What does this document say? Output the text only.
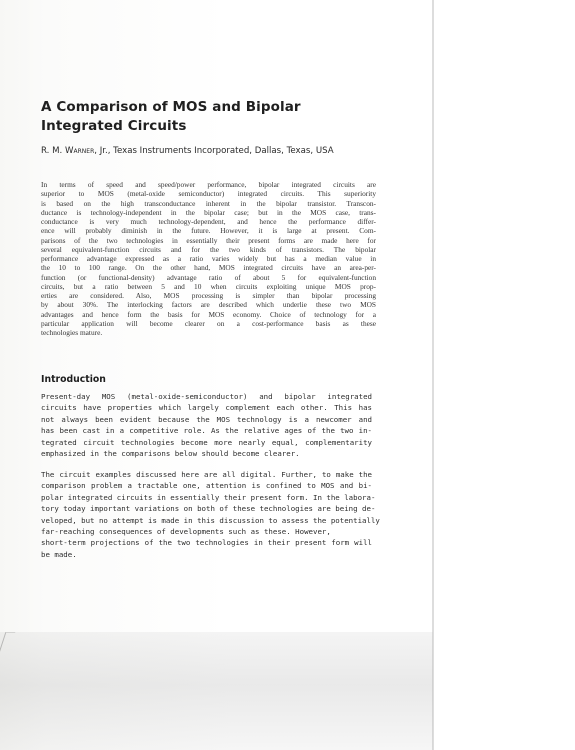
A Comparison of MOS and Bipolar Integrated Circuits
R. M. Warner, Jr., Texas Instruments Incorporated, Dallas, Texas, USA
In terms of speed and speed/power performance, bipolar integrated circuits are
superior to MOS (metal-oxide semiconductor) integrated circuits. This superiority
is based on the high transconductance inherent in the bipolar transistor. Transcon-
ductance is technology-independent in the bipolar case; but in the MOS case, trans-
conductance is very much technology-dependent, and hence the performance differ-
ence will probably diminish in the future. However, it is large at present. Com-
parisons of the two technologies in essentially their present forms are made here for
several equivalent-function circuits and for the two kinds of transistors. The bipolar
performance advantage expressed as a ratio varies widely but has a median value in
the 10 to 100 range. On the other hand, MOS integrated circuits have an area-per-
function (or functional-density) advantage ratio of about 5 for equivalent-function
circuits, but a ratio between 5 and 10 when circuits exploiting unique MOS prop-
erties are considered. Also, MOS processing is simpler than bipolar processing
by about 30%. The interlocking factors are described which underlie these two MOS
advantages and hence form the basis for MOS economy. Choice of technology for a
particular application will become clearer on a cost-performance basis as these
technologies mature.
Introduction
Present-day MOS (metal-oxide-semiconductor) and bipolar integrated
circuits have properties which largely complement each other. This has
not always been evident because the MOS technology is a newcomer and
has been cast in a competitive role. As the relative ages of the two in-
tegrated circuit technologies become more nearly equal, complementarity
emphasized in the comparisons below should become clearer.
The circuit examples discussed here are all digital. Further, to make the
comparison problem a tractable one, attention is confined to MOS and bi-
polar integrated circuits in essentially their present form. In the labora-
tory today important variations on both of these technologies are being de-
veloped, but no attempt is made in this discussion to assess the potentially
far-reaching consequences of developments such as these. However,
short-term projections of the two technologies in their present form will
be made.
